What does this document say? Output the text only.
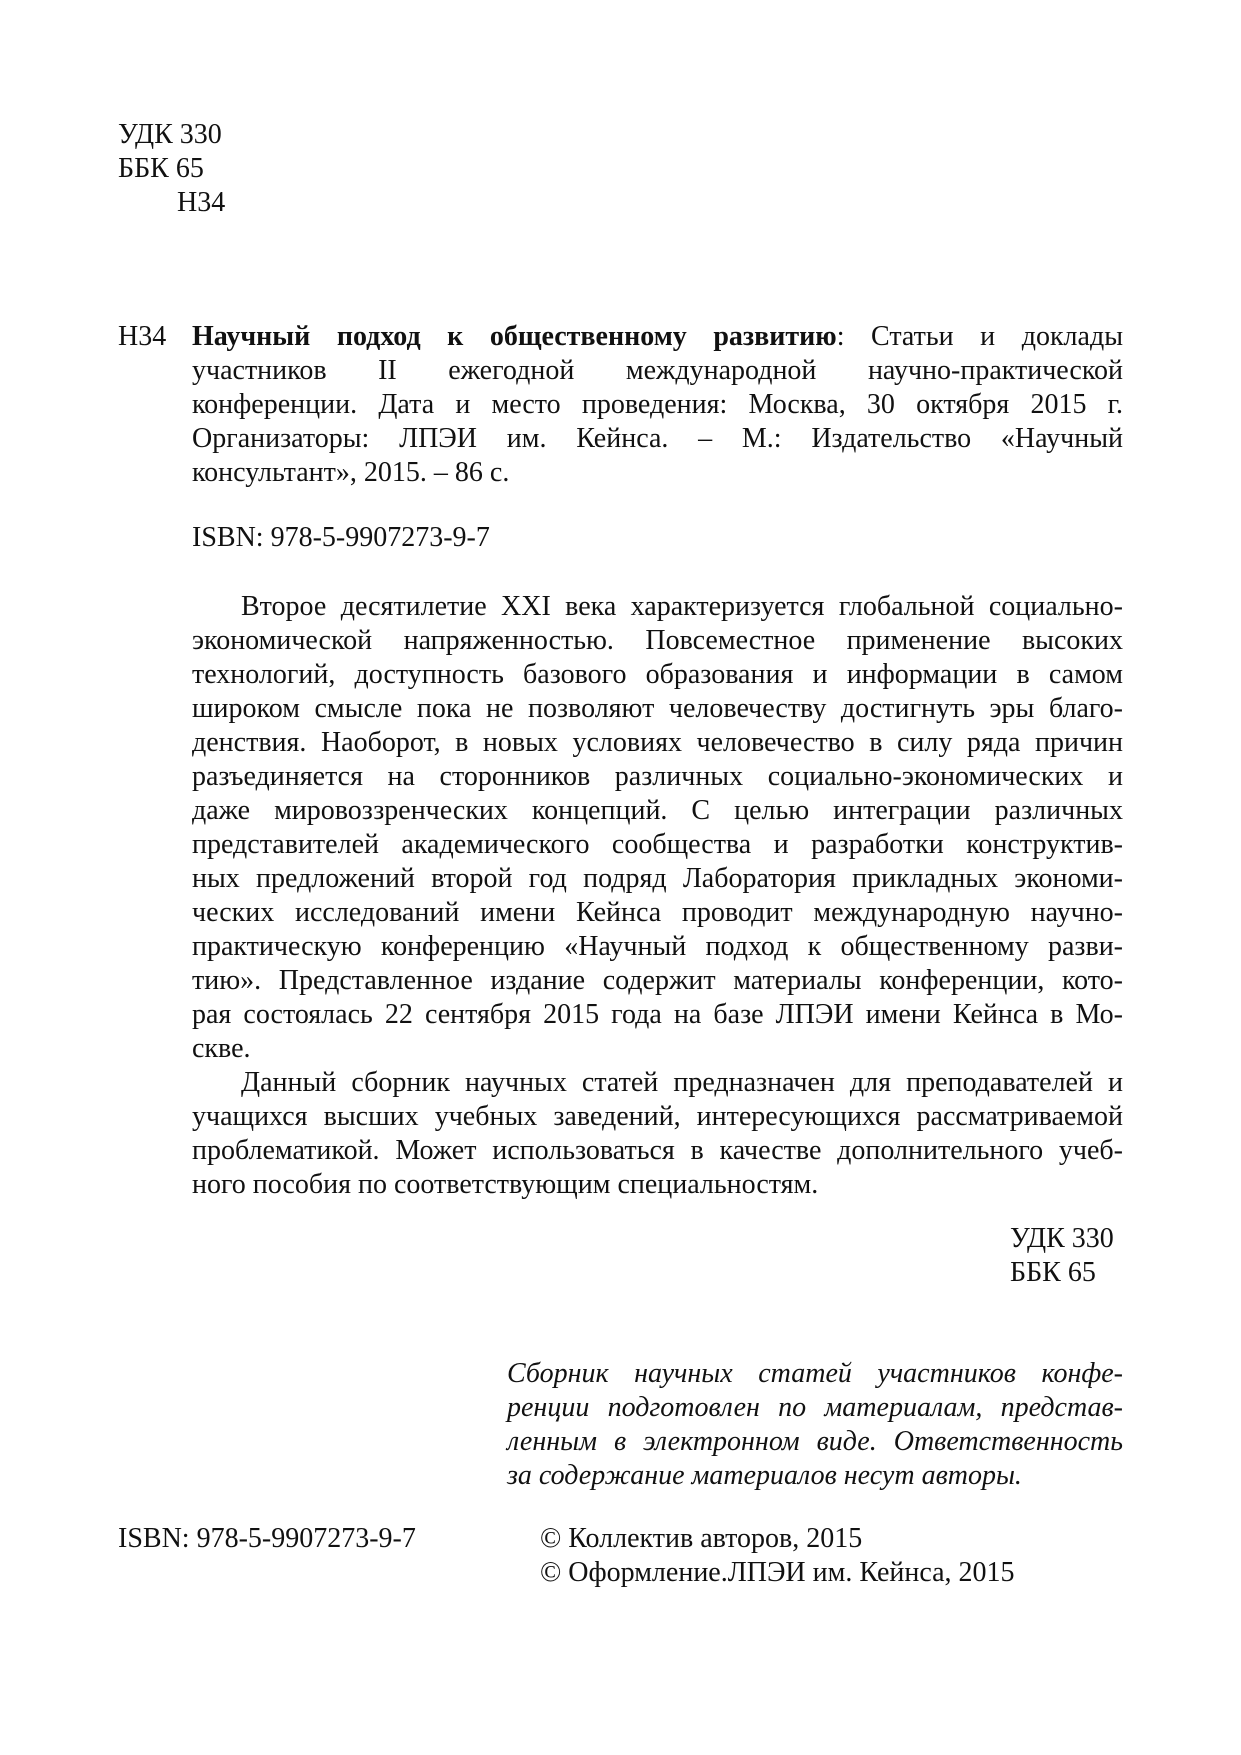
УДК 330
ББК 65
Н34
Н34 Научный подход к общественному развитию: Статьи и доклады
участников II ежегодной международной научно-практической
конференции. Дата и место проведения: Москва, 30 октября 2015 г.
Организаторы: ЛПЭИ им. Кейнса. – М.: Издательство «Научный
консультант», 2015. – 86 с.
ISBN: 978-5-9907273-9-7
Второе десятилетие XXI века характеризуется глобальной социально-
экономической напряженностью. Повсеместное применение высоких
технологий, доступность базового образования и информации в самом
широком смысле пока не позволяют человечеству достигнуть эры благо-
денствия. Наоборот, в новых условиях человечество в силу ряда причин
разъединяется на сторонников различных социально-экономических и
даже мировоззренческих концепций. С целью интеграции различных
представителей академического сообщества и разработки конструктив-
ных предложений второй год подряд Лаборатория прикладных экономи-
ческих исследований имени Кейнса проводит международную научно-
практическую конференцию «Научный подход к общественному разви-
тию». Представленное издание содержит материалы конференции, кото-
рая состоялась 22 сентября 2015 года на базе ЛПЭИ имени Кейнса в Мо-
скве.
Данный сборник научных статей предназначен для преподавателей и
учащихся высших учебных заведений, интересующихся рассматриваемой
проблематикой. Может использоваться в качестве дополнительного учеб-
ного пособия по соответствующим специальностям.
УДК 330
ББК 65
Сборник научных статей участников конфе-
ренции подготовлен по материалам, представ-
ленным в электронном виде. Ответственность
за содержание материалов несут авторы.
ISBN: 978-5-9907273-9-7	© Коллектив авторов, 2015
© Оформление.ЛПЭИ им. Кейнса, 2015
